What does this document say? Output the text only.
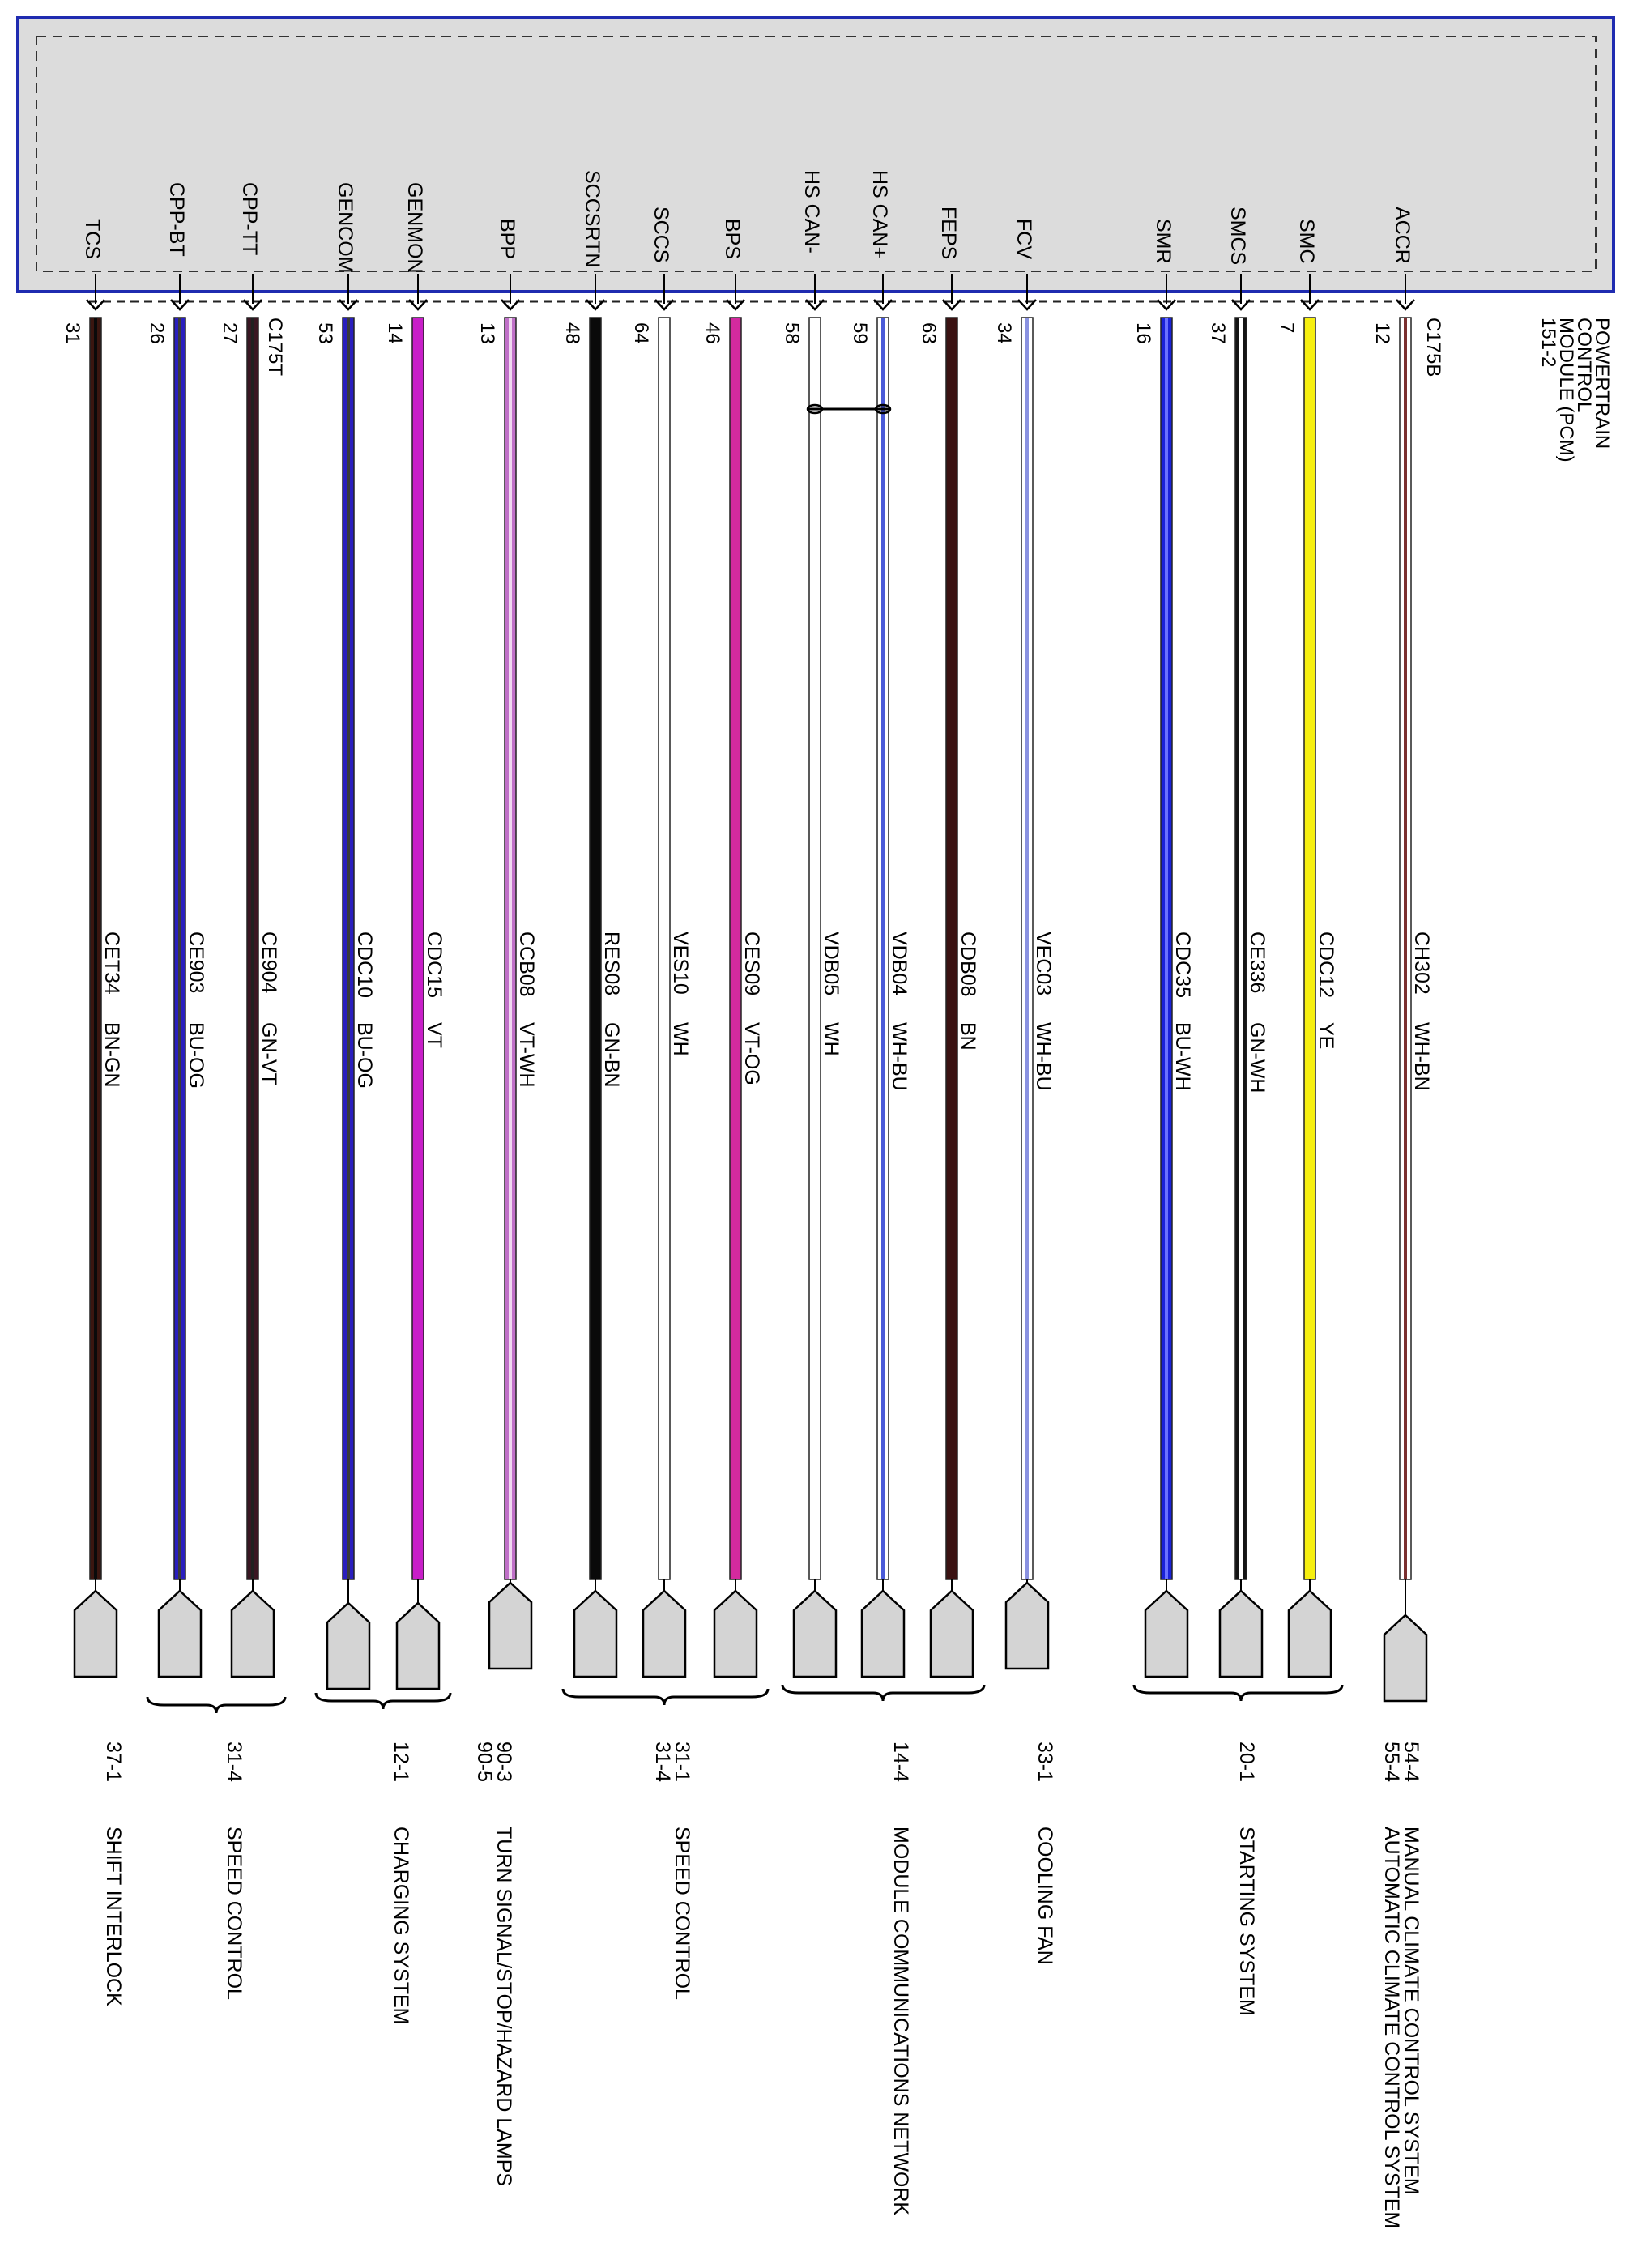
POWERTRAIN
CONTROL
MODULE (PCM)
151-2
C175B
C175T
TCS
31
CET34
BN-GN
CPP-BT
26
CE903
BU-OG
CPP-TT
27
CE904
GN-VT
GENCOM
53
CDC10
BU-OG
GENMON
14
CDC15
VT
BPP
13
CCB08
VT-WH
SCCSRTN
48
RES08
GN-BN
SCCS
64
VES10
WH
BPS
46
CES09
VT-OG
HS CAN-
58
VDB05
WH
HS CAN+
59
VDB04
WH-BU
FEPS
63
CDB08
BN
FCV
34
VEC03
WH-BU
SMR
16
CDC35
BU-WH
SMCS
37
CE336
GN-WH
SMC
7
CDC12
YE
ACCR
12
CH302
WH-BN
37-1
SHIFT INTERLOCK
31-4
SPEED CONTROL
12-1
CHARGING SYSTEM
90-3
90-5
TURN SIGNAL/STOP/HAZARD LAMPS
31-1
31-4
SPEED CONTROL
14-4
MODULE COMMUNICATIONS NETWORK
33-1
COOLING FAN
20-1
STARTING SYSTEM
54-4
55-4
MANUAL CLIMATE CONTROL SYSTEM
AUTOMATIC CLIMATE CONTROL SYSTEM
